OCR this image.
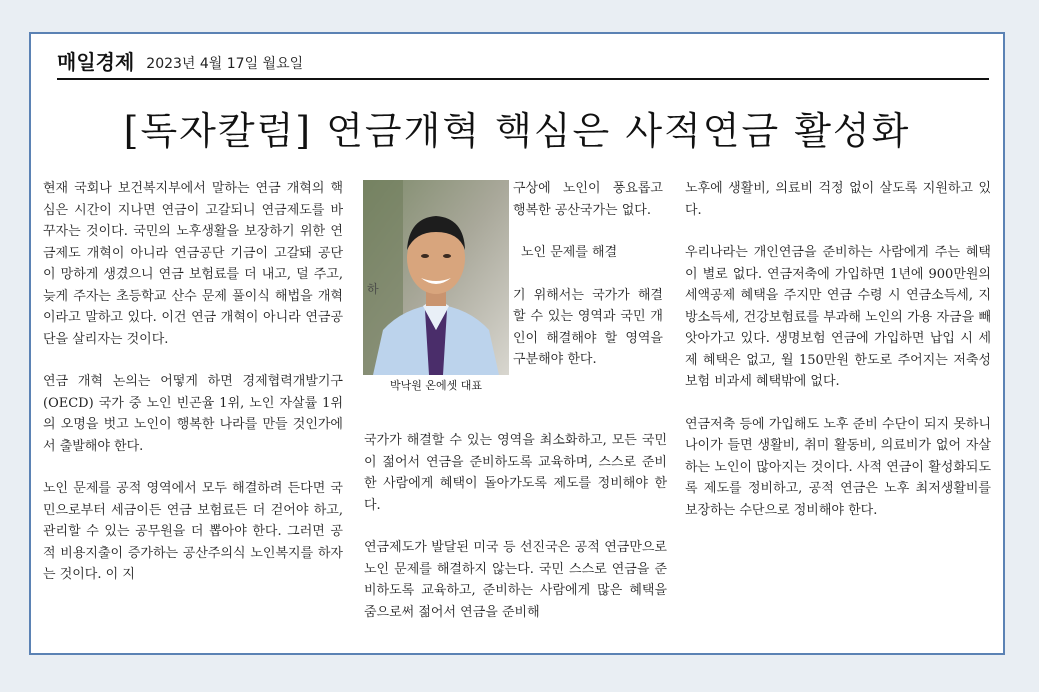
매일경제 2023년 4월 17일 월요일
[독자칼럼] 연금개혁 핵심은 사적연금 활성화

현재 국회나 보건복지부에서 말하는 연금 개혁의 핵심은 시간이 지나면 연금이 고갈되니 연금제도를 바꾸자는 것이다. 국민의 노후생활을 보장하기 위한 연금제도 개혁이 아니라 연금공단 기금이 고갈돼 공단이 망하게 생겼으니 연금 보험료를 더 내고, 덜 주고, 늦게 주자는 초등학교 산수 문제 풀이식 해법을 개혁이라고 말하고 있다. 이건 연금 개혁이 아니라 연금공단을 살리자는 것이다.

연금 개혁 논의는 어떻게 하면 경제협력개발기구(OECD) 국가 중 노인 빈곤율 1위, 노인 자살률 1위의 오명을 벗고 노인이 행복한 나라를 만들 것인가에서 출발해야 한다.

노인 문제를 공적 영역에서 모두 해결하려 든다면 국민으로부터 세금이든 연금 보험료든 더 걷어야 하고, 관리할 수 있는 공무원을 더 뽑아야 한다. 그러면 공적 비용지출이 증가하는 공산주의식 노인복지를 하자는 것이다. 이 지

박낙원 온에셋 대표
하

구상에 노인이 풍요롭고 행복한 공산국가는 없다.

노인 문제를 해결

기 위해서는 국가가 해결할 수 있는 영역과 국민 개인이 해결해야 할 영역을 구분해야 한다.

국가가 해결할 수 있는 영역을 최소화하고, 모든 국민이 젊어서 연금을 준비하도록 교육하며, 스스로 준비한 사람에게 혜택이 돌아가도록 제도를 정비해야 한다.

연금제도가 발달된 미국 등 선진국은 공적 연금만으로 노인 문제를 해결하지 않는다. 국민 스스로 연금을 준비하도록 교육하고, 준비하는 사람에게 많은 혜택을 줌으로써 젊어서 연금을 준비해

노후에 생활비, 의료비 걱정 없이 살도록 지원하고 있다.

우리나라는 개인연금을 준비하는 사람에게 주는 혜택이 별로 없다. 연금저축에 가입하면 1년에 900만원의 세액공제 혜택을 주지만 연금 수령 시 연금소득세, 지방소득세, 건강보험료를 부과해 노인의 가용 자금을 빼앗아가고 있다. 생명보험 연금에 가입하면 납입 시 세제 혜택은 없고, 월 150만원 한도로 주어지는 저축성 보험 비과세 혜택밖에 없다.

연금저축 등에 가입해도 노후 준비 수단이 되지 못하니 나이가 들면 생활비, 취미 활동비, 의료비가 없어 자살하는 노인이 많아지는 것이다. 사적 연금이 활성화되도록 제도를 정비하고, 공적 연금은 노후 최저생활비를 보장하는 수단으로 정비해야 한다.
